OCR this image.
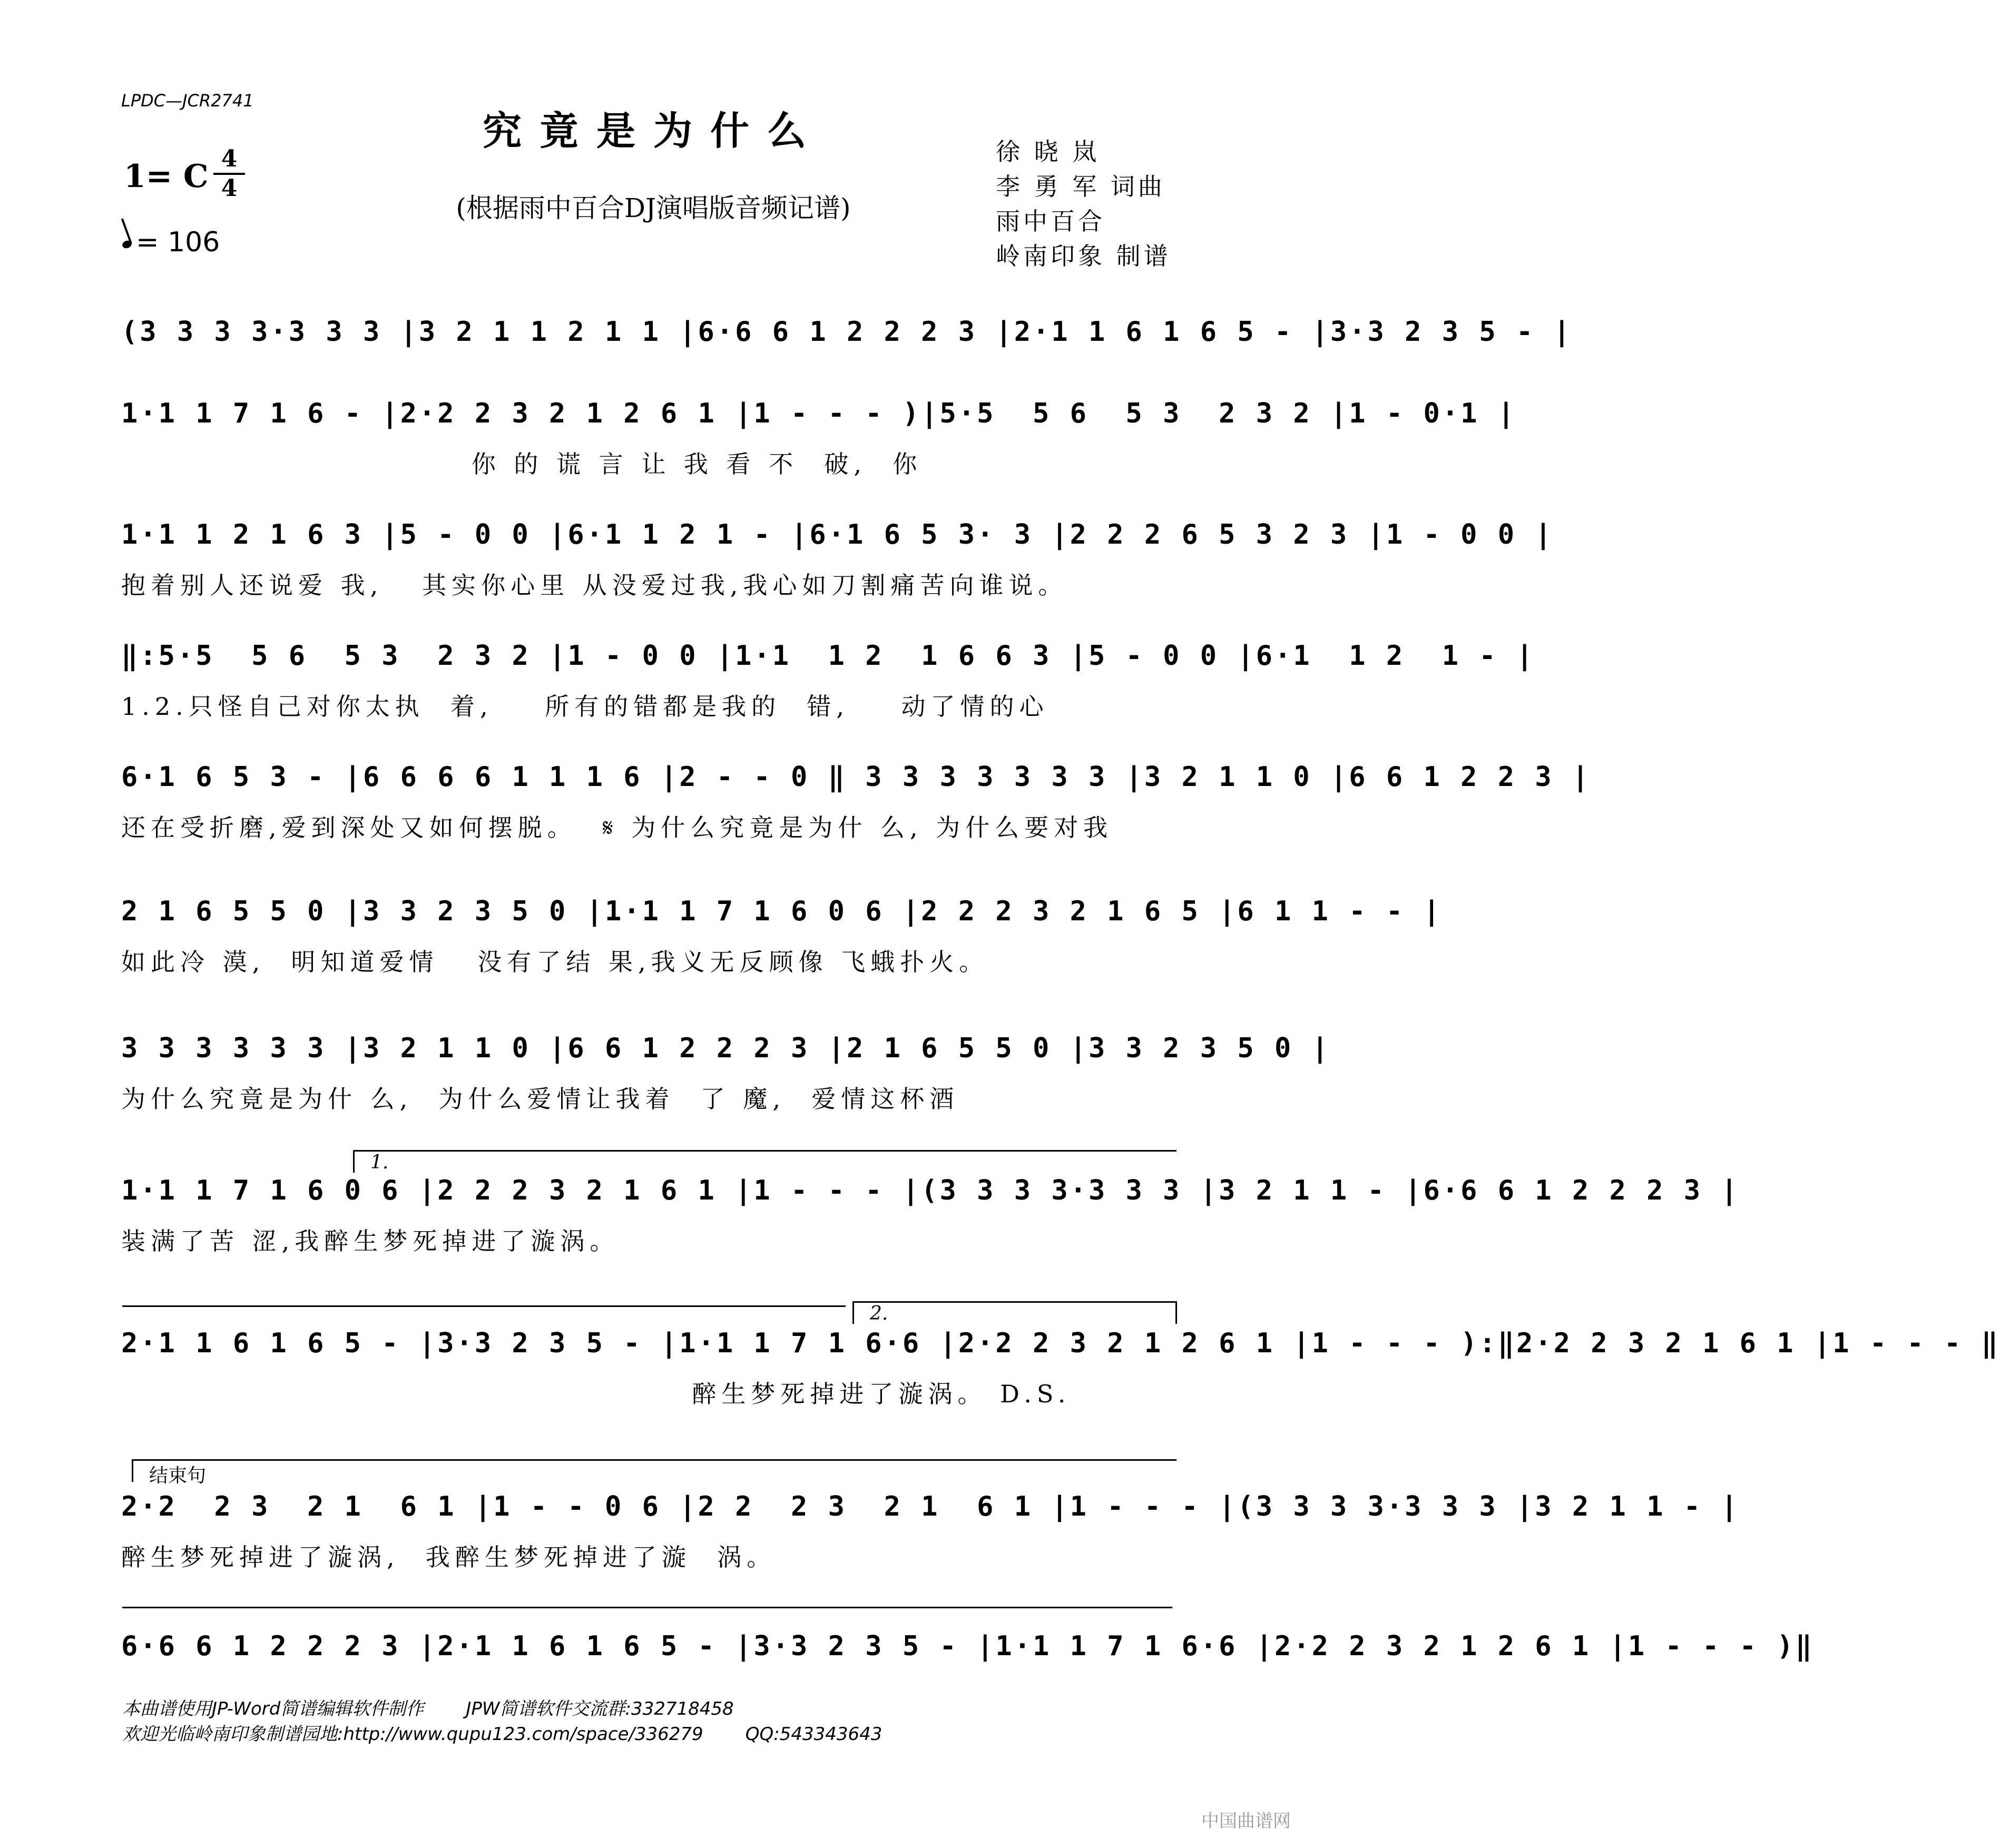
LPDC—JCR2741
究竟是为什么
(根据雨中百合DJ演唱版音频记谱)
1= C 4
4
= 106
徐 晓 岚
李 勇 军 词曲
雨中百合
岭南印象 制谱
(3 3 3 3·3 3 3 |3 2 1 1 2 1 1 |6·6 6 1 2 2 2 3 |2·1 1 6 1 6 5 - |3·3 2 3 5 - |
1·1 1 7 1 6 - |2·2 2 3 2 1 2 6 1 |1 - - - )|5·5  5 6  5 3  2 3 2 |1 - 0·1 |
你 的 谎 言 让 我 看 不  破,  你
1·1 1 2 1 6 3 |5 - 0 0 |6·1 1 2 1 - |6·1 6 5 3· 3 |2 2 2 6 5 3 2 3 |1 - 0 0 |
抱着别人还说爱 我,   其实你心里 从没爱过我,我心如刀割痛苦向谁说。
‖:5·5  5 6  5 3  2 3 2 |1 - 0 0 |1·1  1 2  1 6 6 3 |5 - 0 0 |6·1  1 2  1 - |
1.2.只怪自己对你太执  着,    所有的错都是我的  错,    动了情的心
6·1 6 5 3 - |6 6 6 6 1 1 1 6 |2 - - 0 ‖ 3 3 3 3 3 3 3 |3 2 1 1 0 |6 6 1 2 2 3 |
还在受折磨,爱到深处又如何摆脱。  𝄋 为什么究竟是为什 么, 为什么要对我
2 1 6 5 5 0 |3 3 2 3 5 0 |1·1 1 7 1 6 0 6 |2 2 2 3 2 1 6 5 |6 1 1 - - |
如此冷 漠,  明知道爱情   没有了结 果,我义无反顾像 飞蛾扑火。
3 3 3 3 3 3 |3 2 1 1 0 |6 6 1 2 2 2 3 |2 1 6 5 5 0 |3 3 2 3 5 0 |
为什么究竟是为什 么,  为什么爱情让我着  了 魔,  爱情这杯酒
1·1 1 7 1 6 0 6 |2 2 2 3 2 1 6 1 |1 - - - |(3 3 3 3·3 3 3 |3 2 1 1 - |6·6 6 1 2 2 2 3 |
装满了苦 涩,我醉生梦死掉进了漩涡。
2·1 1 6 1 6 5 - |3·3 2 3 5 - |1·1 1 7 1 6·6 |2·2 2 3 2 1 2 6 1 |1 - - - ):‖2·2 2 3 2 1 6 1 |1 - - - ‖
醉生梦死掉进了漩涡。 D.S.
2·2  2 3  2 1  6 1 |1 - - 0 6 |2 2  2 3  2 1  6 1 |1 - - - |(3 3 3 3·3 3 3 |3 2 1 1 - |
醉生梦死掉进了漩涡,  我醉生梦死掉进了漩  涡。
6·6 6 1 2 2 2 3 |2·1 1 6 1 6 5 - |3·3 2 3 5 - |1·1 1 7 1 6·6 |2·2 2 3 2 1 2 6 1 |1 - - - )‖
1.
2.
结束句
本曲谱使用JP-Word简谱编辑软件制作 JPW简谱软件交流群:332718458
欢迎光临岭南印象制谱园地:http://www.qupu123.com/space/336279 QQ:543343643
中国曲谱网
